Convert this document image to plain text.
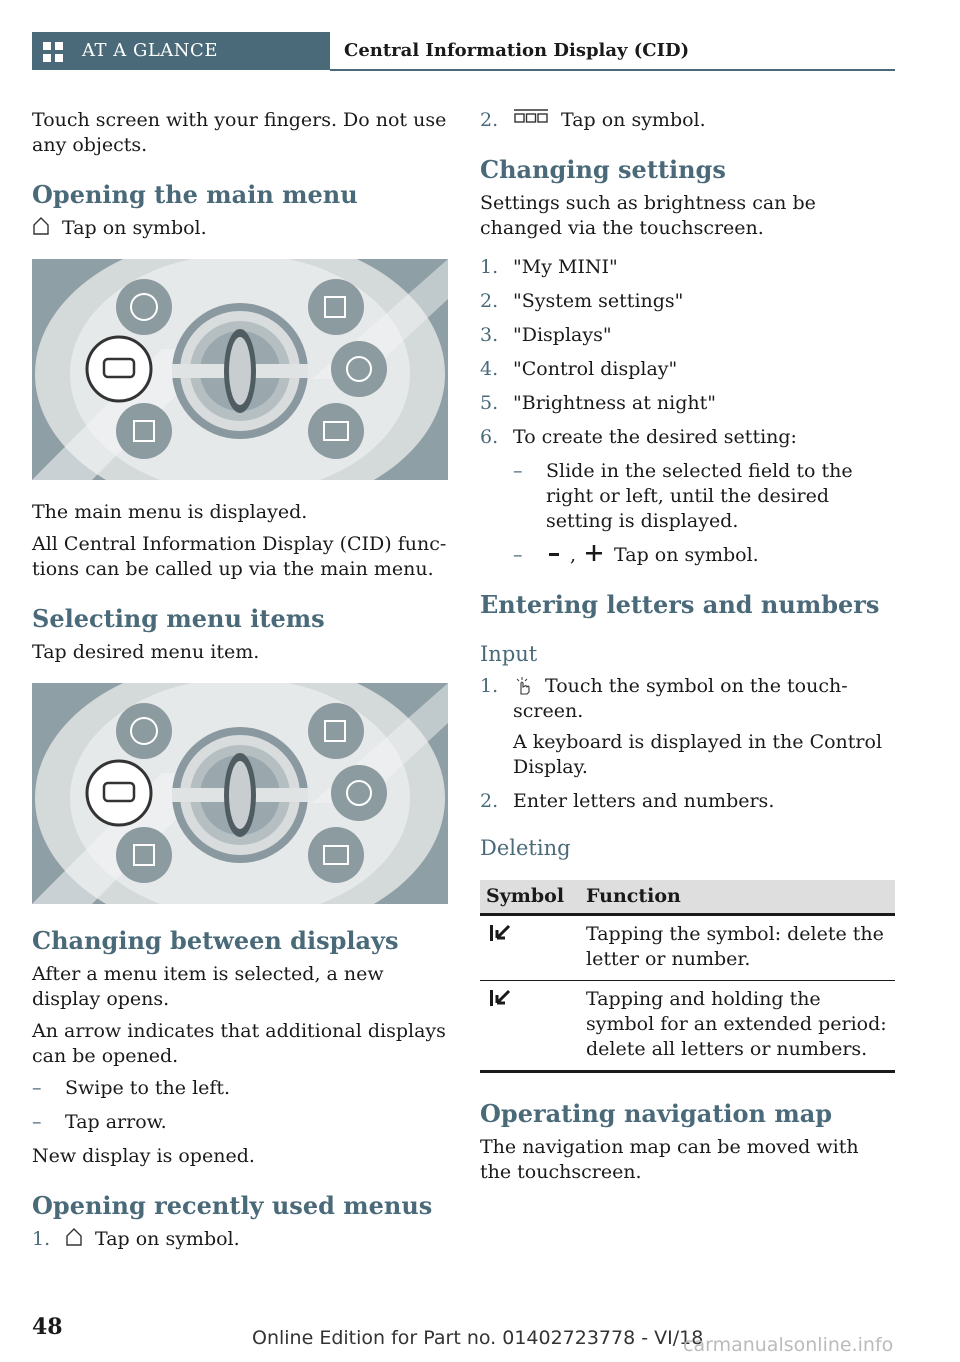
AT A GLANCE	Central Information Display (CID)

Touch screen with your fingers. Do not use any objects.

Opening the main menu
Tap on symbol.

The main menu is displayed.

All Central Information Display (CID) func‐tions can be called up via the main menu.

Selecting menu items

Tap desired menu item.

Changing between displays

After a menu item is selected, a new display opens.

An arrow indicates that additional displays can be opened.

–	Swipe to the left.
–	Tap arrow.

New display is opened.

Opening recently used menus
1.	Tap on symbol.
2.	Tap on symbol.
Changing settings

Settings such as brightness can be changed via the touchscreen.

1. "My MINI"
2. "System settings"
3. "Displays"
4. "Control display"
5. "Brightness at night"
6. To create the desired setting:
–	Slide in the selected field to the right or left, until the desired setting is displayed.
–	, Tap on symbol.
Entering letters and numbers
Input
1.	Touch the symbol on the touch‐screen.
A keyboard is displayed in the Control Display.
2. Enter letters and numbers.
Deleting
Symbol	Function
	Tapping the symbol: delete the letter or number.
	Tapping and holding the symbol for an extended period: delete all letters or numbers.
Operating navigation map

The navigation map can be moved with the touchscreen.

48	Online Edition for Part no. 01402723778 - VI/18
carmanualsonline.info
